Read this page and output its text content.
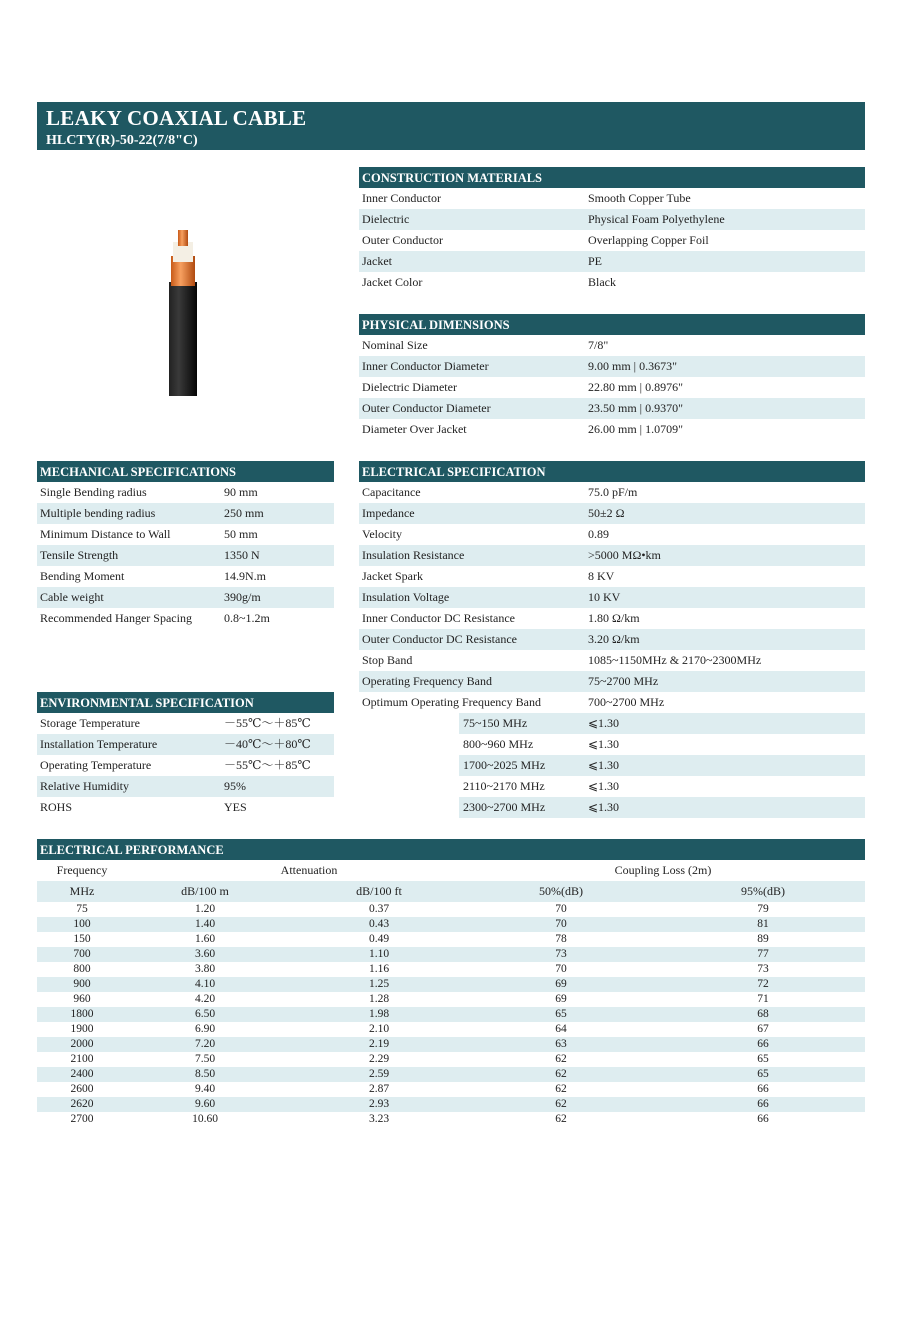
LEAKY COAXIAL CABLE
HLCTY(R)-50-22(7/8"C)
CONSTRUCTION MATERIALS
Inner Conductor	Smooth Copper Tube
Dielectric	Physical Foam Polyethylene
Outer Conductor	Overlapping Copper Foil
Jacket	PE
Jacket Color	Black
PHYSICAL DIMENSIONS
Nominal Size	7/8"
Inner Conductor Diameter	9.00 mm | 0.3673"
Dielectric Diameter	22.80 mm | 0.8976"
Outer Conductor Diameter	23.50 mm | 0.9370"
Diameter Over Jacket	26.00 mm | 1.0709"
MECHANICAL SPECIFICATIONS
Single Bending radius	90 mm
Multiple bending radius	250 mm
Minimum Distance to Wall	50 mm
Tensile Strength	1350 N
Bending Moment	14.9N.m
Cable weight	390g/m
Recommended Hanger Spacing	0.8~1.2m
ELECTRICAL SPECIFICATION
Capacitance	75.0 pF/m
Impedance	50±2 Ω
Velocity	0.89
Insulation Resistance	>5000 MΩ•km
Jacket Spark	8 KV
Insulation Voltage	10 KV
Inner Conductor DC Resistance	1.80 Ω/km
Outer Conductor DC Resistance	3.20 Ω/km
Stop Band	1085~1150MHz & 2170~2300MHz
Operating Frequency Band	75~2700 MHz
Optimum Operating Frequency Band	700~2700 MHz
75~150 MHz	⩽1.30
800~960 MHz	⩽1.30
1700~2025 MHz	⩽1.30
2110~2170 MHz	⩽1.30
2300~2700 MHz	⩽1.30
ENVIRONMENTAL SPECIFICATION
Storage Temperature	－55℃～＋85℃
Installation Temperature	－40℃～＋80℃
Operating Temperature	－55℃～＋85℃
Relative Humidity	95%
ROHS	YES
ELECTRICAL PERFORMANCE
Frequency	Attenuation	Coupling Loss (2m)
MHz	dB/100 m	dB/100 ft	50%(dB)	95%(dB)
75	1.20	0.37	70	79
100	1.40	0.43	70	81
150	1.60	0.49	78	89
700	3.60	1.10	73	77
800	3.80	1.16	70	73
900	4.10	1.25	69	72
960	4.20	1.28	69	71
1800	6.50	1.98	65	68
1900	6.90	2.10	64	67
2000	7.20	2.19	63	66
2100	7.50	2.29	62	65
2400	8.50	2.59	62	65
2600	9.40	2.87	62	66
2620	9.60	2.93	62	66
2700	10.60	3.23	62	66
